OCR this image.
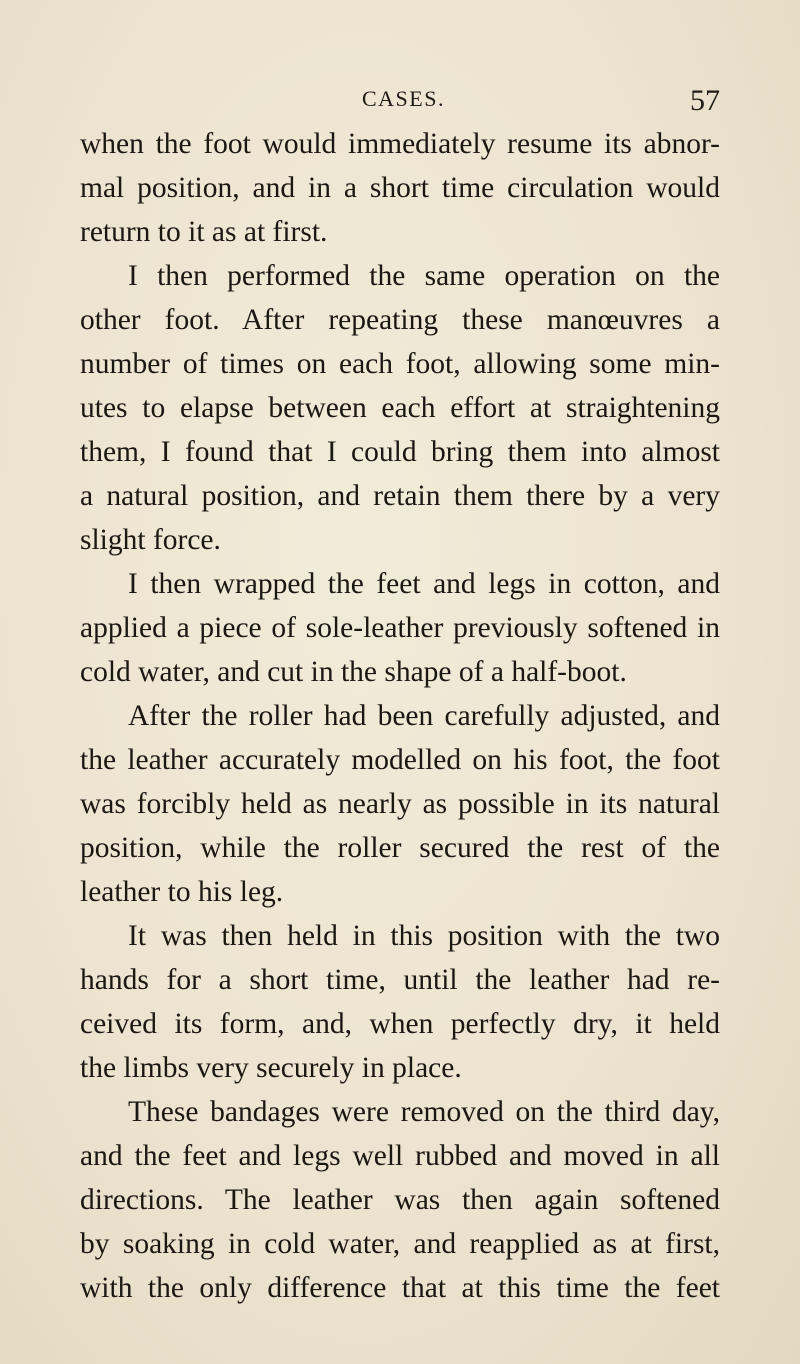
CASES.	57
when the foot would immediately resume its abnor-
mal position, and in a short time circulation would
return to it as at first.
I then performed the same operation on the
other foot. After repeating these manœuvres a
number of times on each foot, allowing some min-
utes to elapse between each effort at straightening
them, I found that I could bring them into almost
a natural position, and retain them there by a very
slight force.
I then wrapped the feet and legs in cotton, and
applied a piece of sole-leather previously softened in
cold water, and cut in the shape of a half-boot.
After the roller had been carefully adjusted, and
the leather accurately modelled on his foot, the foot
was forcibly held as nearly as possible in its natural
position, while the roller secured the rest of the
leather to his leg.
It was then held in this position with the two
hands for a short time, until the leather had re-
ceived its form, and, when perfectly dry, it held
the limbs very securely in place.
These bandages were removed on the third day,
and the feet and legs well rubbed and moved in all
directions. The leather was then again softened
by soaking in cold water, and reapplied as at first,
with the only difference that at this time the feet
